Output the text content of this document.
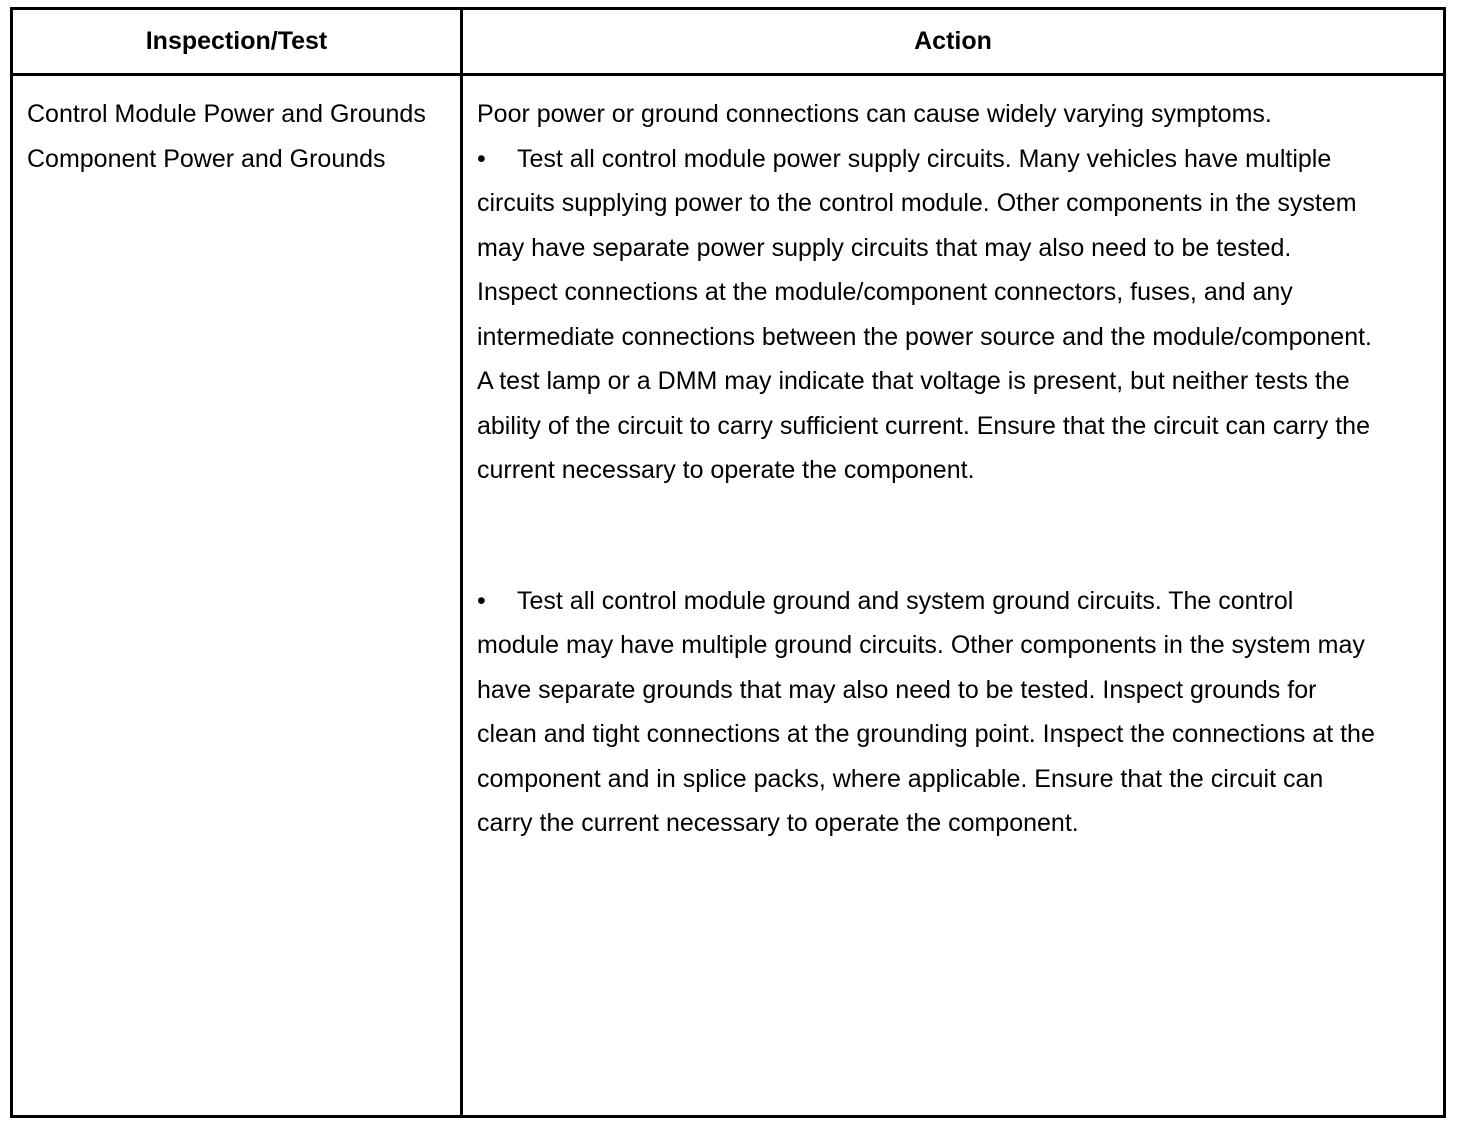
Inspection/Test	Action
Control Module Power and Grounds Component Power and Grounds

Poor power or ground connections can cause widely varying symptoms.

• Test all control module power supply circuits. Many vehicles have multiple circuits supplying power to the control module. Other components in the system may have separate power supply circuits that may also need to be tested. Inspect connections at the module/component connectors, fuses, and any intermediate connections between the power source and the module/component. A test lamp or a DMM may indicate that voltage is present, but neither tests the ability of the circuit to carry sufficient current. Ensure that the circuit can carry the current necessary to operate the component.

• Test all control module ground and system ground circuits. The control module may have multiple ground circuits. Other components in the system may have separate grounds that may also need to be tested. Inspect grounds for clean and tight connections at the grounding point. Inspect the connections at the component and in splice packs, where applicable. Ensure that the circuit can carry the current necessary to operate the component.
